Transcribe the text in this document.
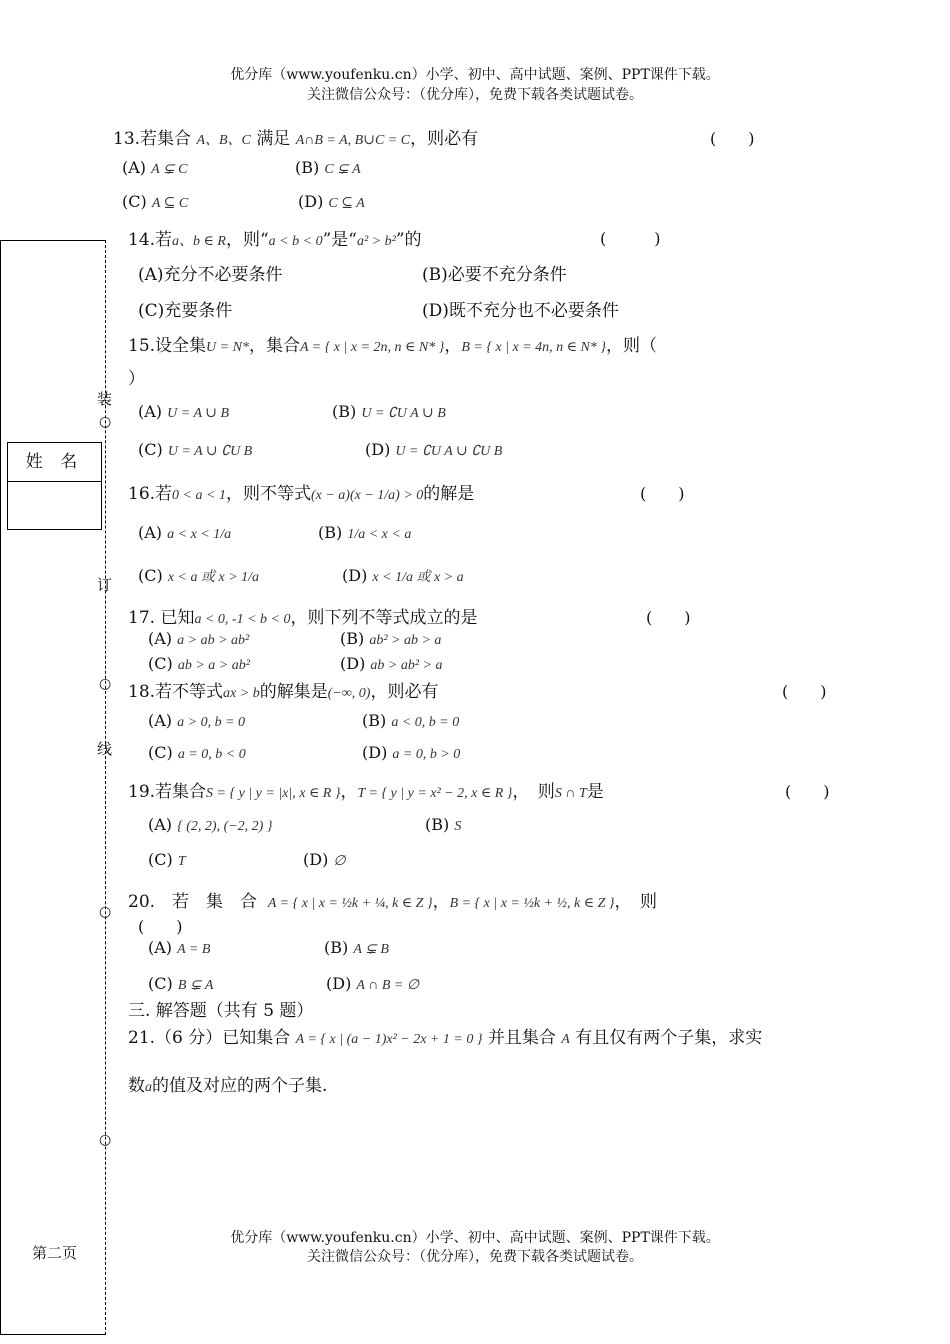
优分库（www.youfenku.cn）小学、初中、高中试题、案例、PPT课件下载。
关注微信公众号：（优分库），免费下载各类试题试卷。
装
○
订
○
线
○
○
姓 名
第二页
13.若集合 A、B、C 满足 A∩B = A, B∪C = C，则必有	(　　)
(A) A ⊊ C	(B) C ⊊ A
(C) A ⊆ C	(D) C ⊆ A
14.若a、b ∈ R，则“a < b < 0”是“a² > b²”的	(　　　)
(A)充分不必要条件	(B)必要不充分条件
(C)充要条件	(D)既不充分也不必要条件
15.设全集U = N*，集合A = { x | x = 2n, n ∈ N* }，B = { x | x = 4n, n ∈ N* }，则（
）
(A) U = A ∪ B	(B) U = ∁U A ∪ B
(C) U = A ∪ ∁U B	(D) U = ∁U A ∪ ∁U B
16.若0 < a < 1，则不等式(x − a)(x − 1/a) > 0的解是	(　　)
(A) a < x < 1/a	(B) 1/a < x < a
(C) x < a 或 x > 1/a	(D) x < 1/a 或 x > a
17. 已知a < 0, -1 < b < 0，则下列不等式成立的是	(　　)
(A) a > ab > ab²	(B) ab² > ab > a
(C) ab > a > ab²	(D) ab > ab² > a
18.若不等式ax > b的解集是(−∞, 0)，则必有	(　　)
(A) a > 0, b = 0	(B) a < 0, b = 0
(C) a = 0, b < 0	(D) a = 0, b > 0
19.若集合S = { y | y = |x|, x ∈ R }，T = { y | y = x² − 2, x ∈ R }，　则S ∩ T是	(　　)
(A) { (2, 2), (−2, 2) }	(B) S
(C) T	(D) ∅
20.　若　集　合 A = { x | x = ½k + ¼, k ∈ Z }，B = { x | x = ½k + ½, k ∈ Z }，　则
(　　)
(A) A = B	(B) A ⊊ B
(C) B ⊊ A	(D) A ∩ B = ∅
三. 解答题（共有 5 题）
21.（6 分）已知集合 A = { x | (a − 1)x² − 2x + 1 = 0 } 并且集合 A 有且仅有两个子集，求实
数a的值及对应的两个子集.
优分库（www.youfenku.cn）小学、初中、高中试题、案例、PPT课件下载。
关注微信公众号：（优分库），免费下载各类试题试卷。
